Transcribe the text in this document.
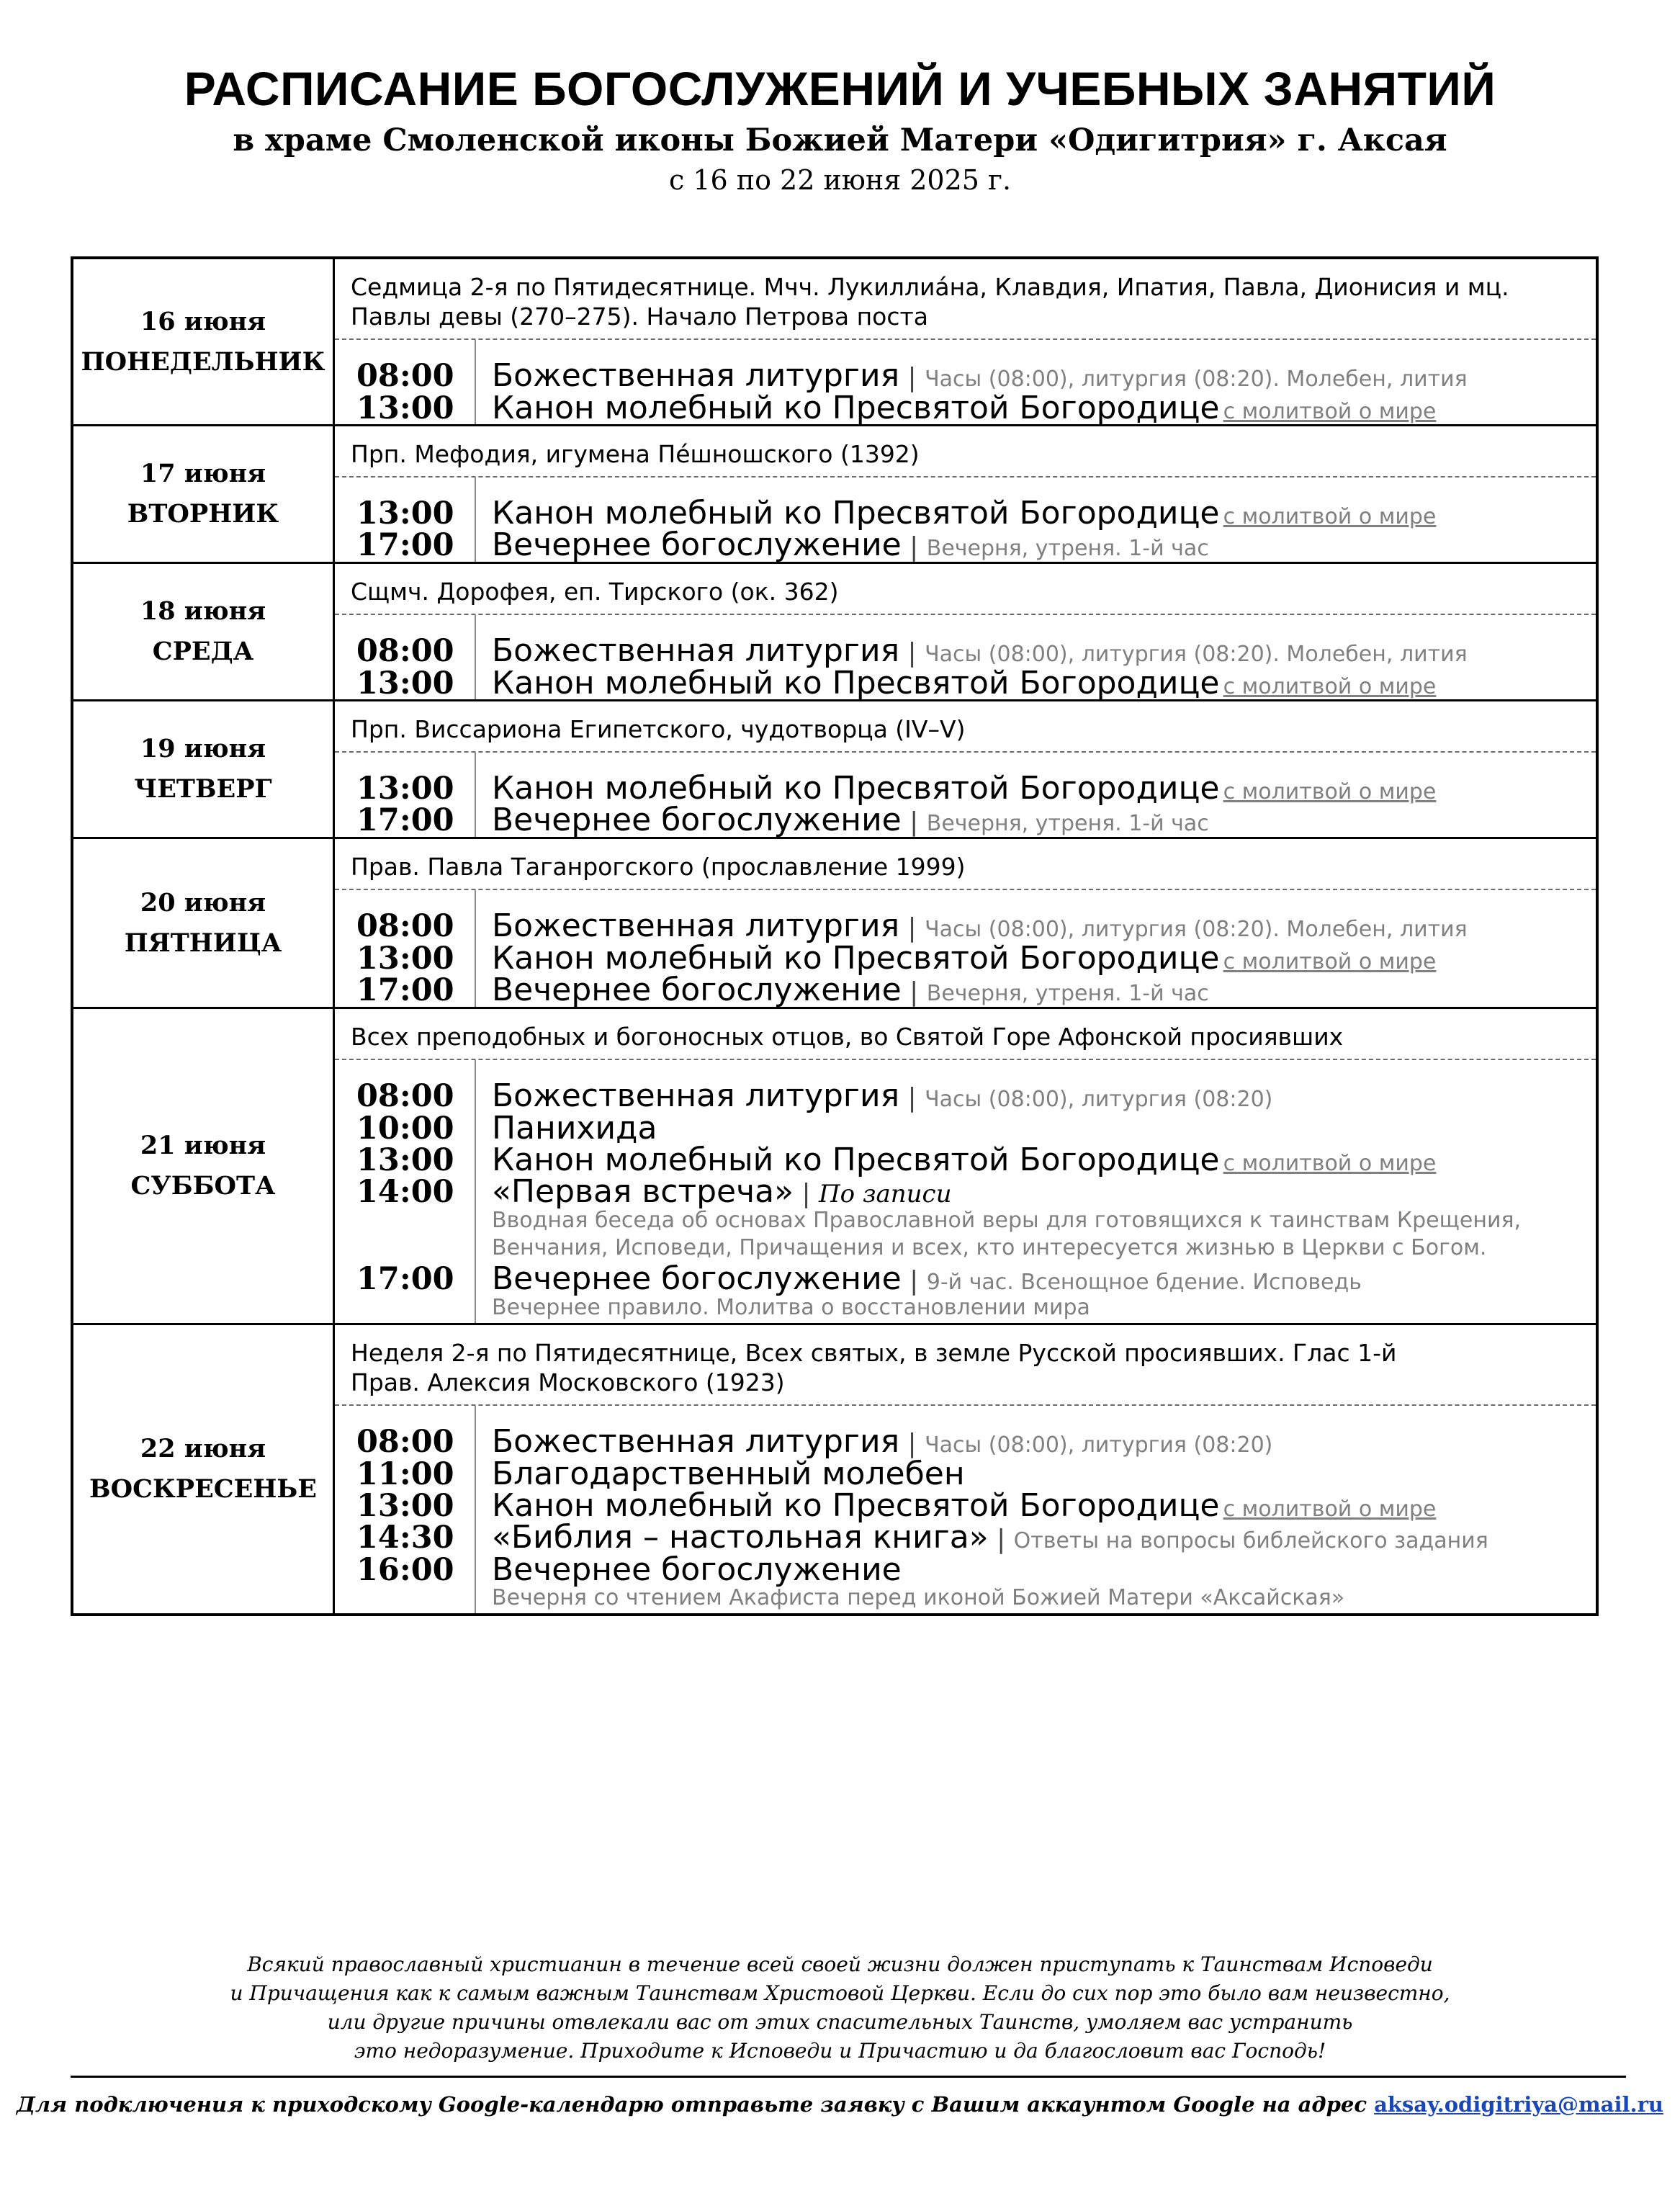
РАСПИСАНИЕ БОГОСЛУЖЕНИЙ И УЧЕБНЫХ ЗАНЯТИЙ
в храме Смоленской иконы Божией Матери «Одигитрия» г. Аксая
с 16 по 22 июня 2025 г.
16 июня
ПОНЕДЕЛЬНИК
Седмица 2-я по Пятидесятнице. Мчч. Лукиллиа́на, Клавдия, Ипатия, Павла, Дионисия и мц.
Павлы девы (270–275). Начало Петрова поста
08:00	Божественная литургия | Часы (08:00), литургия (08:20). Молебен, лития
13:00	Канон молебный ко Пресвятой Богородице с молитвой о мире
17 июня
ВТОРНИК
Прп. Мефодия, игумена Пе́шношского (1392)
13:00	Канон молебный ко Пресвятой Богородице с молитвой о мире
17:00	Вечернее богослужение | Вечерня, утреня. 1-й час
18 июня
СРЕДА
Сщмч. Дорофея, еп. Тирского (ок. 362)
08:00	Божественная литургия | Часы (08:00), литургия (08:20). Молебен, лития
13:00	Канон молебный ко Пресвятой Богородице с молитвой о мире
19 июня
ЧЕТВЕРГ
Прп. Виссариона Египетского, чудотворца (IV–V)
13:00	Канон молебный ко Пресвятой Богородице с молитвой о мире
17:00	Вечернее богослужение | Вечерня, утреня. 1-й час
20 июня
ПЯТНИЦА
Прав. Павла Таганрогского (прославление 1999)
08:00	Божественная литургия | Часы (08:00), литургия (08:20). Молебен, лития
13:00	Канон молебный ко Пресвятой Богородице с молитвой о мире
17:00	Вечернее богослужение | Вечерня, утреня. 1-й час
21 июня
СУББОТА
Всех преподобных и богоносных отцов, во Святой Горе Афонской просиявших
08:00	Божественная литургия | Часы (08:00), литургия (08:20)
10:00	Панихида
13:00	Канон молебный ко Пресвятой Богородице с молитвой о мире
14:00	«Первая встреча» | По записи
Вводная беседа об основах Православной веры для готовящихся к таинствам Крещения,
Венчания, Исповеди, Причащения и всех, кто интересуется жизнью в Церкви с Богом.
17:00	Вечернее богослужение | 9-й час. Всенощное бдение. Исповедь
Вечернее правило. Молитва о восстановлении мира
22 июня
ВОСКРЕСЕНЬЕ
Неделя 2-я по Пятидесятнице, Всех святых, в земле Русской просиявших. Глас 1-й
Прав. Алексия Московского (1923)
08:00	Божественная литургия | Часы (08:00), литургия (08:20)
11:00	Благодарственный молебен
13:00	Канон молебный ко Пресвятой Богородице с молитвой о мире
14:30	«Библия – настольная книга» | Ответы на вопросы библейского задания
16:00	Вечернее богослужение
Вечерня со чтением Акафиста перед иконой Божией Матери «Аксайская»
Всякий православный христианин в течение всей своей жизни должен приступать к Таинствам Исповеди
и Причащения как к самым важным Таинствам Христовой Церкви. Если до сих пор это было вам неизвестно,
или другие причины отвлекали вас от этих спасительных Таинств, умоляем вас устранить
это недоразумение. Приходите к Исповеди и Причастию и да благословит вас Господь!
Для подключения к приходскому Google-календарю отправьте заявку с Вашим аккаунтом Google на адрес aksay.odigitriya@mail.ru
